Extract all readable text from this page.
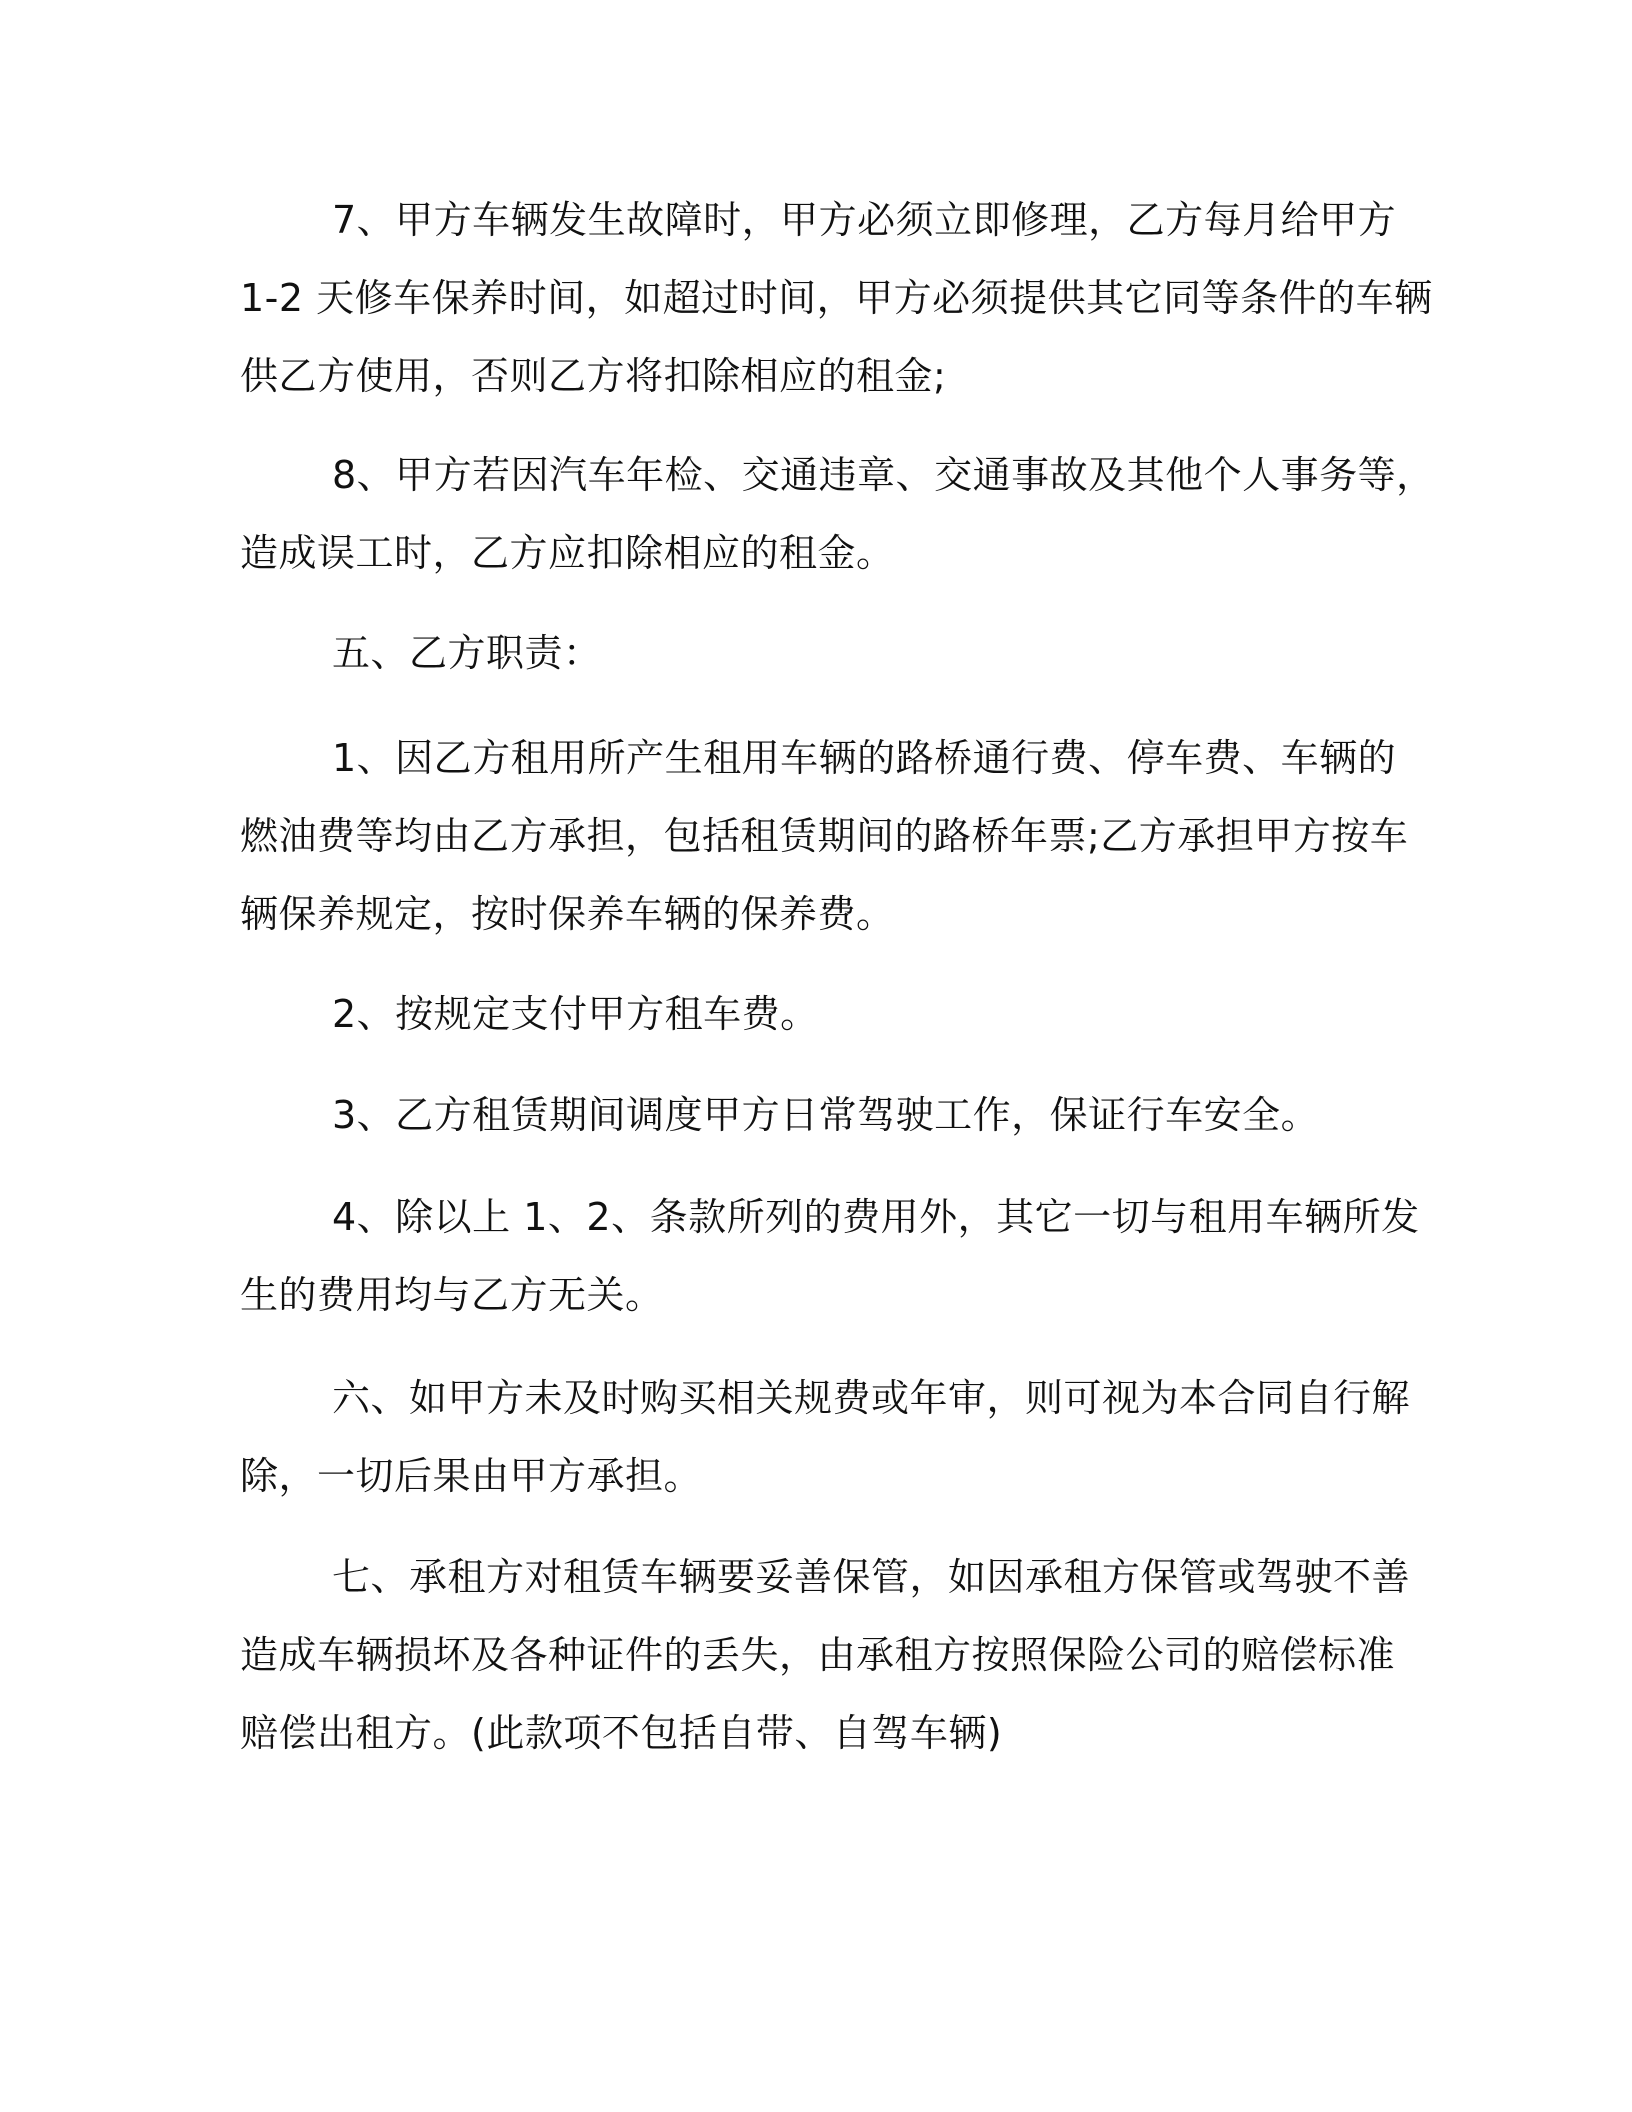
7、甲方车辆发生故障时，甲方必须立即修理，乙方每月给甲方
1-2 天修车保养时间，如超过时间，甲方必须提供其它同等条件的车辆
供乙方使用，否则乙方将扣除相应的租金;

8、甲方若因汽车年检、交通违章、交通事故及其他个人事务等，
造成误工时，乙方应扣除相应的租金。

五、乙方职责：

1、因乙方租用所产生租用车辆的路桥通行费、停车费、车辆的
燃油费等均由乙方承担，包括租赁期间的路桥年票;乙方承担甲方按车
辆保养规定，按时保养车辆的保养费。

2、按规定支付甲方租车费。

3、乙方租赁期间调度甲方日常驾驶工作，保证行车安全。

4、除以上 1、2、条款所列的费用外，其它一切与租用车辆所发
生的费用均与乙方无关。

六、如甲方未及时购买相关规费或年审，则可视为本合同自行解
除，一切后果由甲方承担。

七、承租方对租赁车辆要妥善保管，如因承租方保管或驾驶不善
造成车辆损坏及各种证件的丢失，由承租方按照保险公司的赔偿标准
赔偿出租方。(此款项不包括自带、自驾车辆)
